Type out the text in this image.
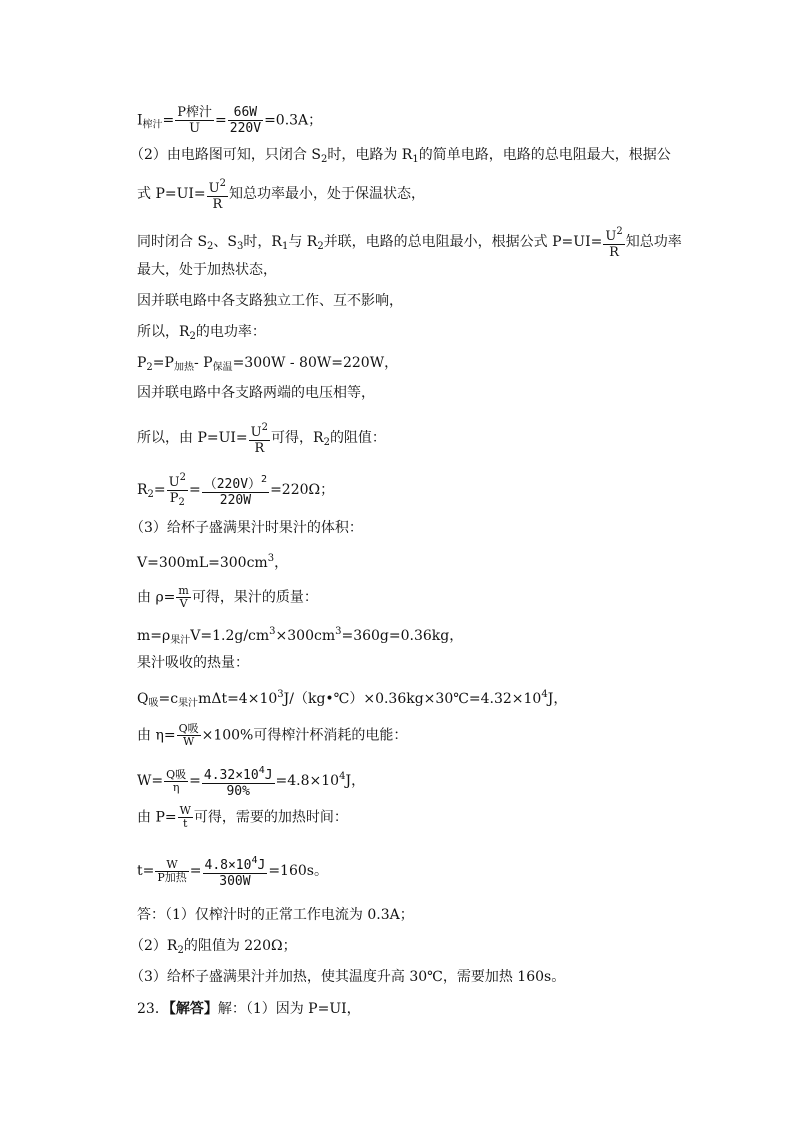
$I_{榨汁}= \frac{\text{P榨汁}}{U} = \frac{66W}{220V} =0.3A$；
（2）由电路图可知，只闭合 $S_2$时，电路为 $R_1$的简单电路，电路的总电阻最大，根据公
式 $P=UI= \frac{U^2}{R}$ 知总功率最小，处于保温状态，
同时闭合 $S_2$、$S_3$时，$R_1$与 $R_2$并联，电路的总电阻最小，根据公式 $P=UI= \frac{U^2}{R}$ 知总功率
最大，处于加热状态，
因并联电路中各支路独立工作、互不影响，
所以，$R_2$的电功率：
$P_2=P_{加热}-$ $P_{保温}=300W - 80W=220W$，
因并联电路中各支路两端的电压相等，
所以，由 $P=UI= \frac{U^2}{R}$ 可得，$R_2$的阻值：
$R_2= \frac{U^2}{P_2} = \frac{(220V)^2}{220W} =220\Omega$；
（3）给杯子盛满果汁时果汁的体积：
$V=300mL=300cm^3$，
由 $\rho= \frac{m}{V}$ 可得，果汁的质量：
$m=\rho_{果汁}V=1.2g/cm^3\times 300cm^3=360g=0.36kg$，
果汁吸收的热量：
$Q_吸=c_{果汁}m\Delta t=4\times 10^3J/(kg•℃)\times 0.36kg\times 30℃=4.32\times 10^4J$，
由 $\eta= \frac{\text{Q吸}}{W} \times 100\%$可得榨汁杯消耗的电能：
$W= \frac{\text{Q吸}}{\eta} = \frac{4.32\times 10^4J}{90\%} =4.8\times 10^4J$，
由 $P= \frac{W}{t}$ 可得，需要的加热时间：
$t= \frac{W}{\text{P加热}} = \frac{4.8\times 10^4J}{300W} =160s$。
答：（1）仅榨汁时的正常工作电流为 0.3A；
$(2)R_2$的阻值为 220Ω；
（3）给杯子盛满果汁并加热，使其温度升高 30℃，需要加热 160s。
23．【解答】解：（1）因为 P=UI，
